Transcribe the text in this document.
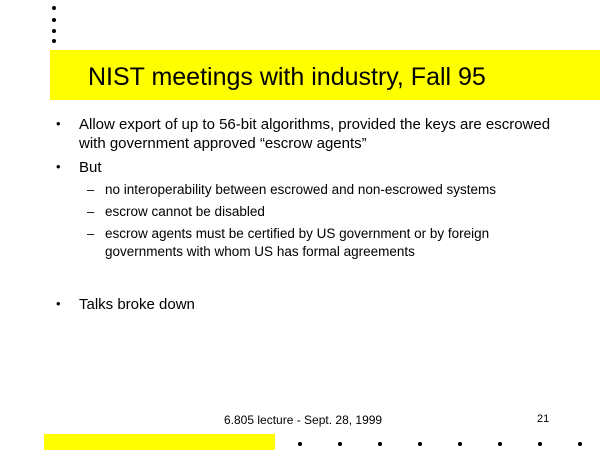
NIST meetings with industry, Fall 95
• Allow export of up to 56-bit algorithms, provided the keys are escrowed with government approved “escrow agents”
• But
– no interoperability between escrowed and non-escrowed systems
– escrow cannot be disabled
– escrow agents must be certified by US government or by foreign governments with whom US has formal agreements
• Talks broke down
6.805 lecture - Sept. 28, 1999	21
